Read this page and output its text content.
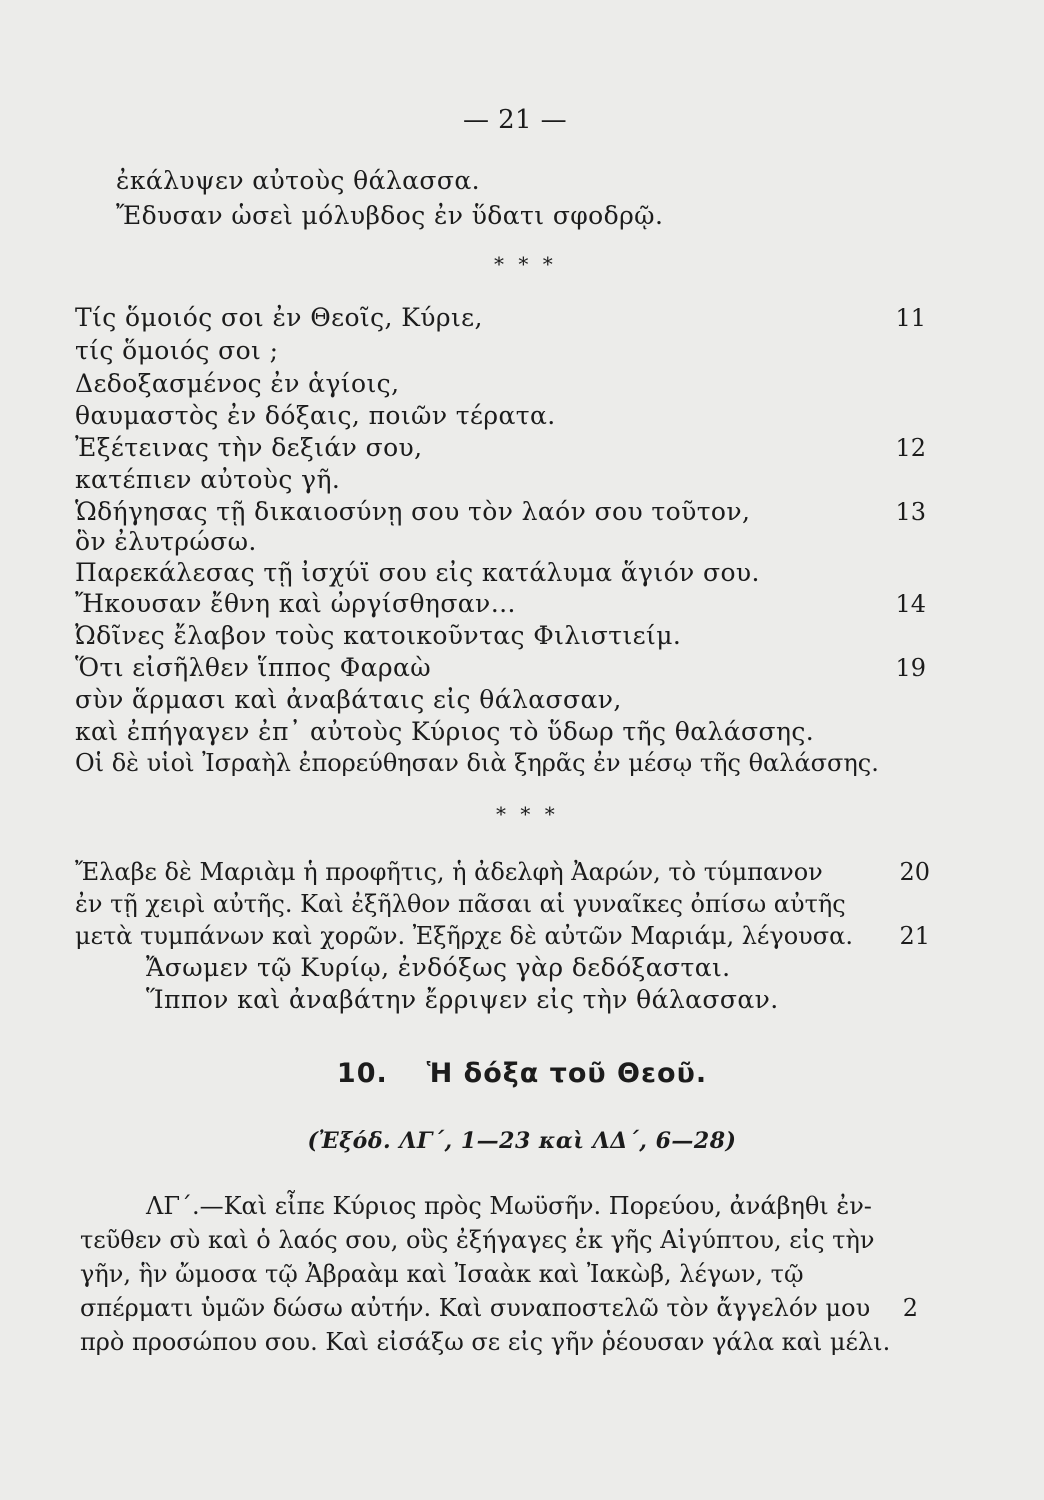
— 21 —
ἐκάλυψεν αὐτοὺς θάλασσα.
Ἔδυσαν ὡσεὶ μόλυβδος ἐν ὕδατι σφοδρῷ.
* * *
Τίς ὅμοιός σοι ἐν Θεοῖς, Κύριε,	11
τίς ὅμοιός σοι ;
Δεδοξασμένος ἐν ἁγίοις,
θαυμαστὸς ἐν δόξαις, ποιῶν τέρατα.
Ἐξέτεινας τὴν δεξιάν σου,	12
κατέπιεν αὐτοὺς γῆ.
Ὡδήγησας τῇ δικαιοσύνῃ σου τὸν λαόν σου τοῦτον,	13
ὃν ἐλυτρώσω.
Παρεκάλεσας τῇ ἰσχύϊ σου εἰς κατάλυμα ἅγιόν σου.
Ἤκουσαν ἔθνη καὶ ὠργίσθησαν…	14
Ὠδῖνες ἔλαβον τοὺς κατοικοῦντας Φιλιστιείμ.
Ὅτι εἰσῆλθεν ἵππος Φαραὼ	19
σὺν ἅρμασι καὶ ἀναβάταις εἰς θάλασσαν,
καὶ ἐπήγαγεν ἐπ᾿ αὐτοὺς Κύριος τὸ ὕδωρ τῆς θαλάσσης.
Οἱ δὲ υἱοὶ Ἰσραὴλ ἐπορεύθησαν διὰ ξηρᾶς ἐν μέσῳ τῆς θαλάσσης.
* * *
Ἔλαβε δὲ Μαριὰμ ἡ προφῆτις, ἡ ἀδελφὴ Ἀαρών, τὸ τύμπανον	20
ἐν τῇ χειρὶ αὐτῆς. Καὶ ἐξῆλθον πᾶσαι αἱ γυναῖκες ὀπίσω αὐτῆς
μετὰ τυμπάνων καὶ χορῶν. Ἐξῆρχε δὲ αὐτῶν Μαριάμ, λέγουσα.	21
Ἄσωμεν τῷ Κυρίῳ, ἐνδόξως γὰρ δεδόξασται.
Ἵππον καὶ ἀναβάτην ἔρριψεν εἰς τὴν θάλασσαν.
10. Ἡ δόξα τοῦ Θεοῦ.
(Ἐξόδ. ΛΓ΄, 1—23 καὶ ΛΔ΄, 6—28)
ΛΓ΄.—Καὶ εἶπε Κύριος πρὸς Μωϋσῆν. Πορεύου, ἀνάβηθι ἐν-
τεῦθεν σὺ καὶ ὁ λαός σου, οὓς ἐξήγαγες ἐκ γῆς Αἰγύπτου, εἰς τὴν
γῆν, ἣν ὤμοσα τῷ Ἀβραὰμ καὶ Ἰσαὰκ καὶ Ἰακὼβ, λέγων, τῷ
σπέρματι ὑμῶν δώσω αὐτήν. Καὶ συναποστελῶ τὸν ἄγγελόν μου	2
πρὸ προσώπου σου. Καὶ εἰσάξω σε εἰς γῆν ῥέουσαν γάλα καὶ μέλι.
